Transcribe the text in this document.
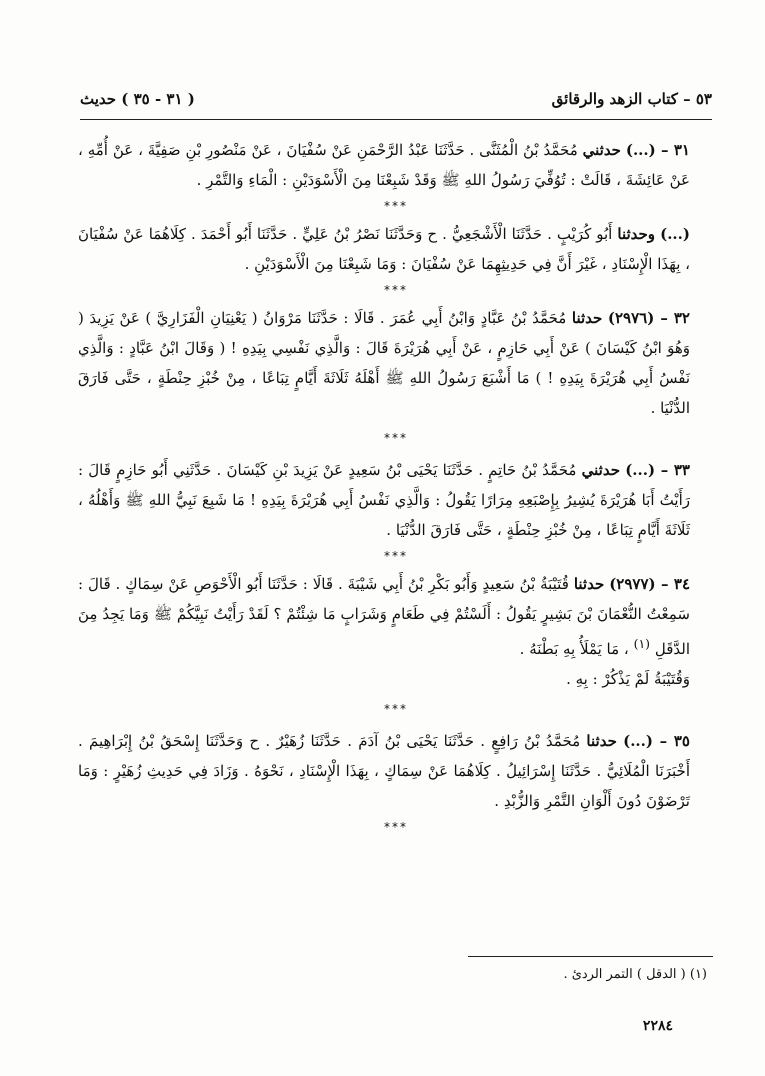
٥٣ – كتاب الزهد والرقائق
( ٣١ - ٣٥ ) حديث

٣١ – (...) حدثني مُحَمَّدُ بْنُ الْمُثَنَّى . حَدَّثَنَا عَبْدُ الرَّحْمَنِ عَنْ سُفْيَانَ ، عَنْ مَنْصُورِ بْنِ صَفِيَّةَ ، عَنْ أُمِّهِ ، عَنْ عَائِشَةَ ، قَالَتْ : تُوُفِّيَ رَسُولُ اللهِ ﷺ وَقَدْ شَبِعْنَا مِنَ الْأَسْوَدَيْنِ : الْمَاءِ وَالتَّمْرِ .

***

(...) وحدثنا أَبُو كُرَيْبٍ . حَدَّثَنَا الْأَشْجَعِيُّ . ح وَحَدَّثَنَا نَصْرُ بْنُ عَلِيٍّ . حَدَّثَنَا أَبُو أَحْمَدَ . كِلَاهُمَا عَنْ سُفْيَانَ ، بِهَذَا الْإِسْنَادِ ، غَيْرَ أَنَّ فِي حَدِيثِهِمَا عَنْ سُفْيَانَ : وَمَا شَبِعْنَا مِنَ الْأَسْوَدَيْنِ .

***

٣٢ – (٢٩٧٦) حدثنا مُحَمَّدُ بْنُ عَبَّادٍ وَابْنُ أَبِي عُمَرَ . قَالَا : حَدَّثَنَا مَرْوَانُ ( يَعْنِيَانِ الْفَزَارِيَّ ) عَنْ يَزِيدَ ( وَهُوَ ابْنُ كَيْسَانَ ) عَنْ أَبِي حَازِمٍ ، عَنْ أَبِي هُرَيْرَةَ قَالَ : وَالَّذِي نَفْسِي بِيَدِهِ ! ( وَقَالَ ابْنُ عَبَّادٍ : وَالَّذِي نَفْسُ أَبِي هُرَيْرَةَ بِيَدِهِ ! ) مَا أَشْبَعَ رَسُولُ اللهِ ﷺ أَهْلَهُ ثَلَاثَةَ أَيَّامٍ تِبَاعًا ، مِنْ خُبْزِ حِنْطَةٍ ، حَتَّى فَارَقَ الدُّنْيَا .

***

٣٣ – (...) حدثني مُحَمَّدُ بْنُ حَاتِمٍ . حَدَّثَنَا يَحْيَى بْنُ سَعِيدٍ عَنْ يَزِيدَ بْنِ كَيْسَانَ . حَدَّثَنِي أَبُو حَازِمٍ قَالَ : رَأَيْتُ أَبَا هُرَيْرَةَ يُشِيرُ بِإِصْبَعِهِ مِرَارًا يَقُولُ : وَالَّذِي نَفْسُ أَبِي هُرَيْرَةَ بِيَدِهِ ! مَا شَبِعَ نَبِيُّ اللهِ ﷺ وَأَهْلُهُ ، ثَلَاثَةَ أَيَّامٍ تِبَاعًا ، مِنْ خُبْزِ حِنْطَةٍ ، حَتَّى فَارَقَ الدُّنْيَا .

***

٣٤ – (٢٩٧٧) حدثنا قُتَيْبَةُ بْنُ سَعِيدٍ وَأَبُو بَكْرِ بْنُ أَبِي شَيْبَةَ . قَالَا : حَدَّثَنَا أَبُو الْأَحْوَصِ عَنْ سِمَاكٍ . قَالَ : سَمِعْتُ النُّعْمَانَ بْنَ بَشِيرٍ يَقُولُ : أَلَسْتُمْ فِي طَعَامٍ وَشَرَابٍ مَا شِئْتُمْ ؟ لَقَدْ رَأَيْتُ نَبِيَّكُمْ ﷺ وَمَا يَجِدُ مِنَ الدَّقَلِ $^{(١)}$ ، مَا يَمْلَأُ بِهِ بَطْنَهُ .

وَقُتَيْبَةُ لَمْ يَذْكُرْ : بِهِ .

***

٣٥ – (...) حدثنا مُحَمَّدُ بْنُ رَافِعٍ . حَدَّثَنَا يَحْيَى بْنُ آدَمَ . حَدَّثَنَا زُهَيْرٌ . ح وَحَدَّثَنَا إِسْحَقُ بْنُ إِبْرَاهِيمَ . أَخْبَرَنَا الْمُلَائِيُّ . حَدَّثَنَا إِسْرَائِيلُ . كِلَاهُمَا عَنْ سِمَاكٍ ، بِهَذَا الْإِسْنَادِ ، نَحْوَهُ . وَزَادَ فِي حَدِيثِ زُهَيْرٍ : وَمَا تَرْضَوْنَ دُونَ أَلْوَانِ التَّمْرِ وَالزُّبْدِ .

***
(١) ( الدقل ) التمر الردئ .
٢٢٨٤
